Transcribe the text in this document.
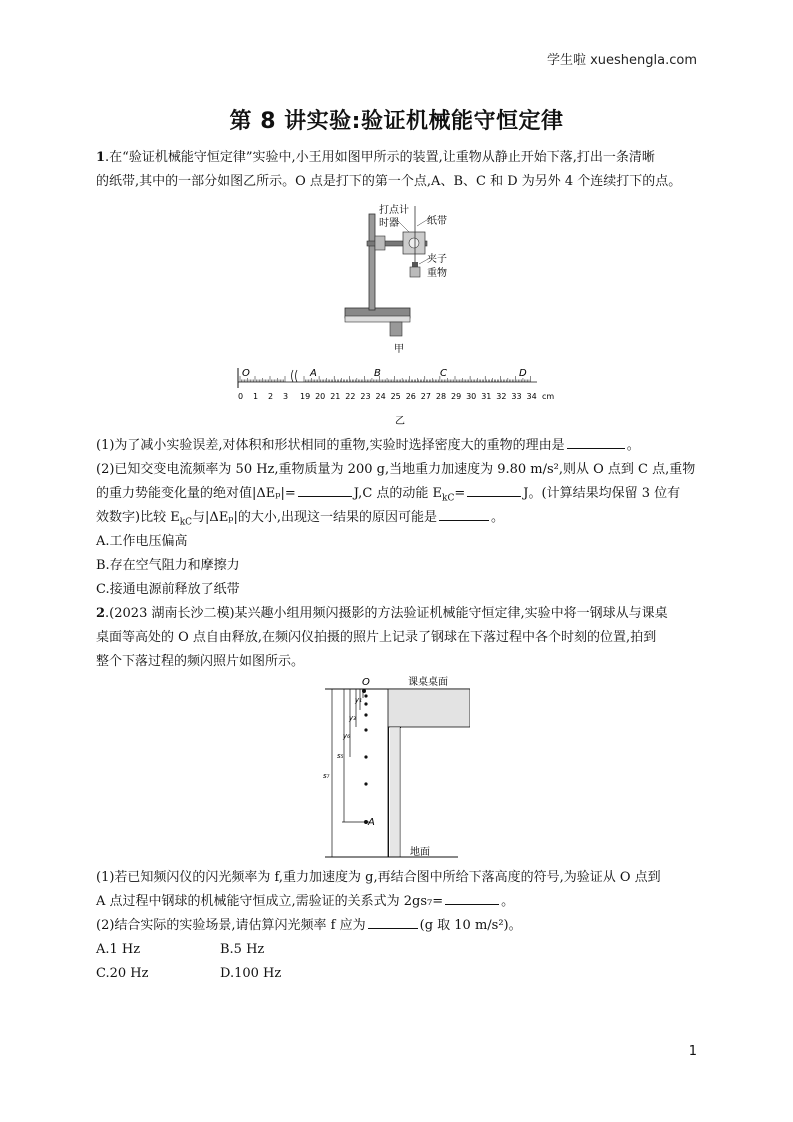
学生啦 xueshengla.com
第 8 讲实验:验证机械能守恒定律
1.在“验证机械能守恒定律”实验中,小王用如图甲所示的装置,让重物从静止开始下落,打出一条清晰
的纸带,其中的一部分如图乙所示。O 点是打下的第一个点,A、B、C 和 D 为另外 4 个连续打下的点。
打点计
时器	纸带
夹子
重物
甲
0 1 2 3 19 20 21 22 23 24 25 26 27 28 29 30 31 32 33 34
O	A	B	C	D
cm
乙
(1)为了减小实验误差,对体积和形状相同的重物,实验时选择密度大的重物的理由是	。
(2)已知交变电流频率为 50 Hz,重物质量为 200 g,当地重力加速度为 9.80 m/s²,则从 O 点到 C 点,重物
的重力势能变化量的绝对值|ΔEₚ|=	J,C 点的动能 $E_{kC}=$	J。(计算结果均保留 3 位有
效数字)比较 $E_{kC}$与|ΔEₚ|的大小,出现这一结果的原因可能是	。
A.工作电压偏高
B.存在空气阻力和摩擦力
C.接通电源前释放了纸带
2.(2023 湖南长沙二模)某兴趣小组用频闪摄影的方法验证机械能守恒定律,实验中将一钢球从与课桌
桌面等高处的 O 点自由释放,在频闪仪拍摄的照片上记录了钢球在下落过程中各个时刻的位置,拍到
整个下落过程的频闪照片如图所示。
O	课桌桌面
地面
A
y₁
y₃
y₆
s₅
s₇
(1)若已知频闪仪的闪光频率为 f,重力加速度为 g,再结合图中所给下落高度的符号,为验证从 O 点到
A 点过程中钢球的机械能守恒成立,需验证的关系式为 2gs₇=	。
(2)结合实际的实验场景,请估算闪光频率 f 应为	(g 取 10 m/s²)。
A.1 Hz	B.5 Hz
C.20 Hz	D.100 Hz
1
